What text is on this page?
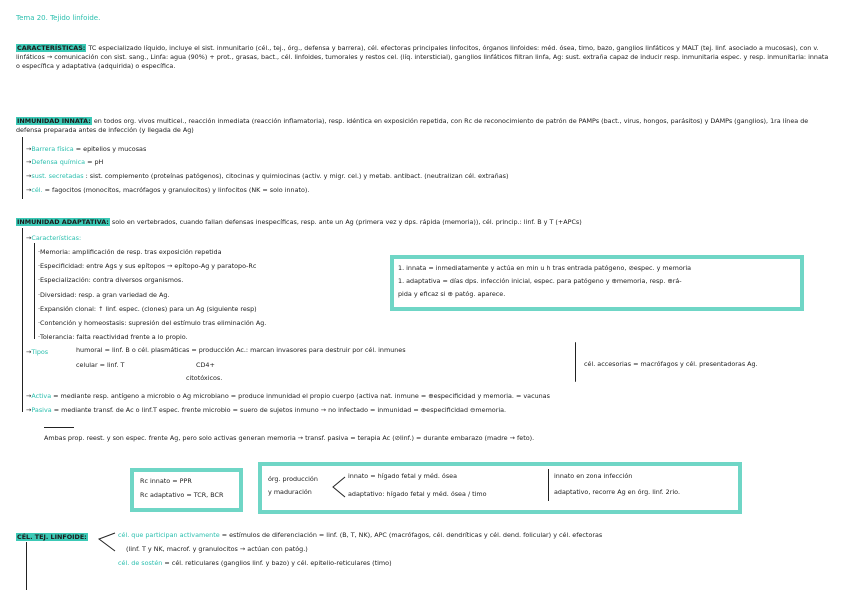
Tema 20. Tejido linfoide.
CARACTERÍSTICAS: TC especializado líquido, incluye el sist. inmunitario (cél., tej., órg., defensa y barrera), cél. efectoras principales linfocitos, órganos linfoides: méd. ósea, timo, bazo, ganglios linfáticos y MALT (tej. linf. asociado a mucosas), con v. linfáticos → comunicación con sist. sang., Linfa: agua (90%) + prot., grasas, bact., cél. linfoides, tumorales y restos cel. (líq. intersticial), ganglios linfáticos filtran linfa, Ag: sust. extraña capaz de inducir resp. inmunitaria espec. y resp. inmunitaria: innata o específica y adaptativa (adquirida) o específica.
INMUNIDAD INNATA: en todos org. vivos multicel., reacción inmediata (reacción inflamatoria), resp. idéntica en exposición repetida, con Rc de reconocimiento de patrón de PAMPs (bact., virus, hongos, parásitos) y DAMPs (ganglios), 1ra línea de defensa preparada antes de infección (y llegada de Ag)
→ Barrera física = epitelios y mucosas
→ Defensa química = pH
→ sust. secretadas : sist. complemento (proteínas patógenos), citocinas y quimiocinas (activ. y migr. cel.) y metab. antibact. (neutralizan cél. extrañas)
→ cél. = fagocitos (monocitos, macrófagos y granulocitos) y linfocitos (NK = solo innato).
INMUNIDAD ADAPTATIVA: solo en vertebrados, cuando fallan defensas inespecíficas, resp. ante un Ag (primera vez y dps. rápida (memoria)), cél. princip.: linf. B y T (+APCs)
→ Características:
· Memoria: amplificación de resp. tras exposición repetida
· Especificidad: entre Ags y sus epítopos → epítopo-Ag y paratopo-Rc
· Especialización: contra diversos organismos.
· Diversidad: resp. a gran variedad de Ag.
· Expansión clonal: ↑ linf. espec. (clones) para un Ag (siguiente resp)
· Contención y homeostasis: supresión del estímulo tras eliminación Ag.
· Tolerancia: falta reactividad frente a lo propio.
→ Tipos	humoral = linf. B o cél. plasmáticas = producción Ac.: marcan invasores para destruir por cél. inmunes
celular = linf. T	CD4+
citotóxicos.
cél. accesorias = macrófagos y cél. presentadoras Ag.
→ Activa = mediante resp. antígeno a microbio o Ag microbiano = produce inmunidad el propio cuerpo (activa nat. inmune = ⊕especificidad y memoria. = vacunas
→ Pasiva = mediante transf. de Ac o linf.T espec. frente microbio = suero de sujetos inmuno → no infectado = inmunidad = ⊕especificidad ⊖memoria.
Ambas prop. reest. y son espec. frente Ag, pero solo activas generan memoria → transf. pasiva = terapia Ac (⊘linf.) = durante embarazo (madre → feto).
1. innata = inmediatamente y actúa en min u h tras entrada patógeno, ⊘espec. y memoria
1. adaptativa = días dps. infección inicial, espec. para patógeno y ⊕memoria, resp. ⊕rá-
pida y eficaz si ⊕ patóg. aparece.
Rc innato = PPR
Rc adaptativo = TCR, BCR
órg. producción
y maduración
innato = hígado fetal y méd. ósea
adaptativo: hígado fetal y méd. ósea / timo
innato en zona infección
adaptativo, recorre Ag en órg. linf. 2rio.
CÉL. TEJ. LINFOIDE:	cél. que participan activamente = estímulos de diferenciación = linf. (B, T, NK), APC (macrófagos, cél. dendríticas y cél. dend. folicular) y cél. efectoras
(linf. T y NK, macrof. y granulocitos → actúan con patóg.)
cél. de sostén = cél. reticulares (ganglios linf. y bazo) y cél. epitelio-reticulares (timo)
